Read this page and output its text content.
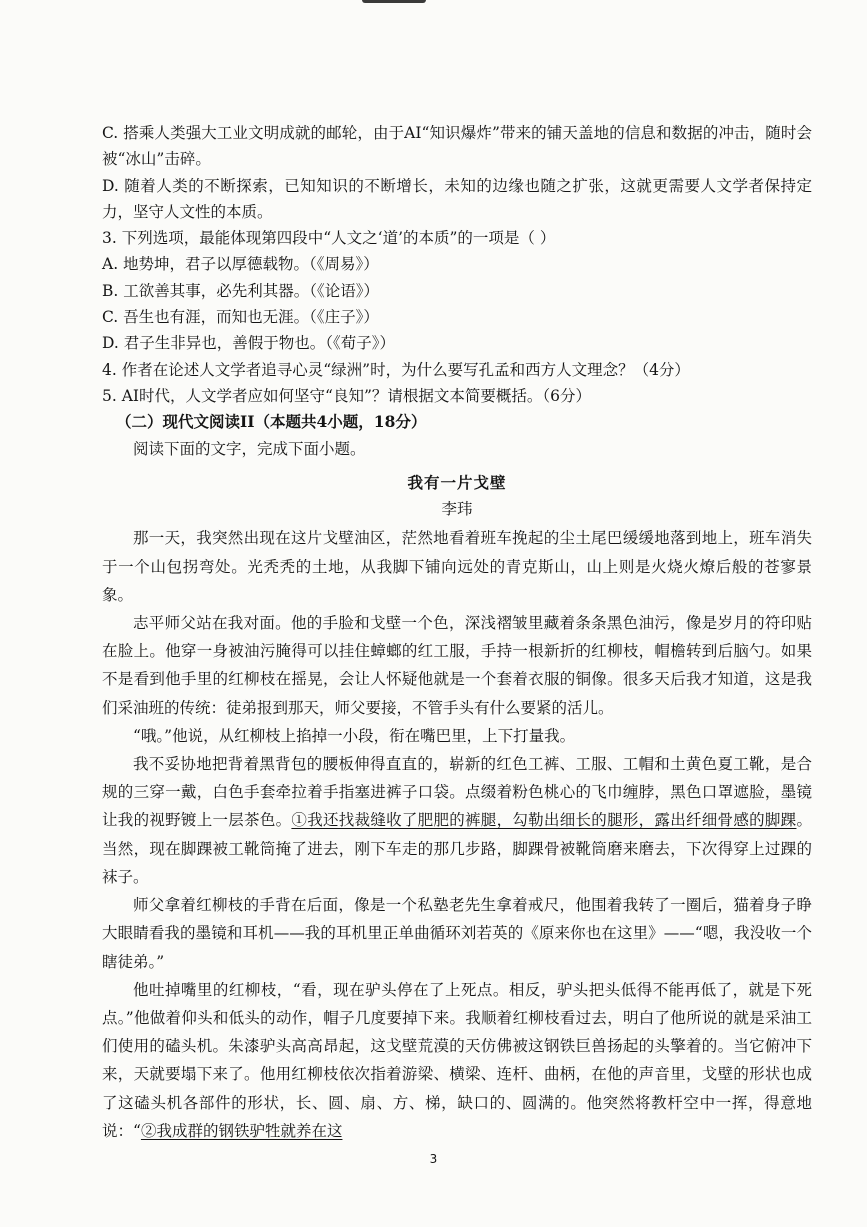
C. 搭乘人类强大工业文明成就的邮轮，由于AI“知识爆炸”带来的铺天盖地的信息和数据的冲击，随时会被“冰山”击碎。

D. 随着人类的不断探索，已知知识的不断增长，未知的边缘也随之扩张，这就更需要人文学者保持定力，坚守人文性的本质。

3. 下列选项，最能体现第四段中“人文之‘道’的本质”的一项是（ ）

A. 地势坤，君子以厚德载物。（《周易》）

B. 工欲善其事，必先利其器。（《论语》）

C. 吾生也有涯，而知也无涯。（《庄子》）

D. 君子生非异也，善假于物也。（《荀子》）

4. 作者在论述人文学者追寻心灵“绿洲”时，为什么要写孔孟和西方人文理念？（4分）

5. AI时代，人文学者应如何坚守“良知”？请根据文本简要概括。（6分）

（二）现代文阅读II（本题共4小题，18分）

阅读下面的文字，完成下面小题。

我有一片戈壁

李玮

那一天，我突然出现在这片戈壁油区，茫然地看着班车挽起的尘土尾巴缓缓地落到地上，班车消失于一个山包拐弯处。光秃秃的土地，从我脚下铺向远处的青克斯山，山上则是火烧火燎后般的苍寥景象。

志平师父站在我对面。他的手脸和戈壁一个色，深浅褶皱里藏着条条黑色油污，像是岁月的符印贴在脸上。他穿一身被油污腌得可以挂住蟑螂的红工服，手持一根新折的红柳枝，帽檐转到后脑勺。如果不是看到他手里的红柳枝在摇晃，会让人怀疑他就是一个套着衣服的铜像。很多天后我才知道，这是我们采油班的传统：徒弟报到那天，师父要接，不管手头有什么要紧的活儿。

“哦。”他说，从红柳枝上掐掉一小段，衔在嘴巴里，上下打量我。

我不妥协地把背着黑背包的腰板伸得直直的，崭新的红色工裤、工服、工帽和土黄色夏工靴，是合规的三穿一戴，白色手套牵拉着手指塞进裤子口袋。点缀着粉色桃心的飞巾缠脖，黑色口罩遮脸，墨镜让我的视野镀上一层茶色。①我还找裁缝收了肥肥的裤腿，勾勒出细长的腿形，露出纤细骨感的脚踝。当然，现在脚踝被工靴筒掩了进去，刚下车走的那几步路，脚踝骨被靴筒磨来磨去，下次得穿上过踝的袜子。

师父拿着红柳枝的手背在后面，像是一个私塾老先生拿着戒尺，他围着我转了一圈后，猫着身子睁大眼睛看我的墨镜和耳机——我的耳机里正单曲循环刘若英的《原来你也在这里》——“嗯，我没收一个瞎徒弟。”

他吐掉嘴里的红柳枝，“看，现在驴头停在了上死点。相反，驴头把头低得不能再低了，就是下死点。”他做着仰头和低头的动作，帽子几度要掉下来。我顺着红柳枝看过去，明白了他所说的就是采油工们使用的磕头机。朱漆驴头高高昂起，这戈壁荒漠的天仿佛被这钢铁巨兽扬起的头擎着的。当它俯冲下来，天就要塌下来了。他用红柳枝依次指着游梁、横梁、连杆、曲柄，在他的声音里，戈壁的形状也成了这磕头机各部件的形状，长、圆、扇、方、梯，缺口的、圆满的。他突然将教杆空中一挥，得意地说：“②我成群的钢铁驴牲就养在这

3
